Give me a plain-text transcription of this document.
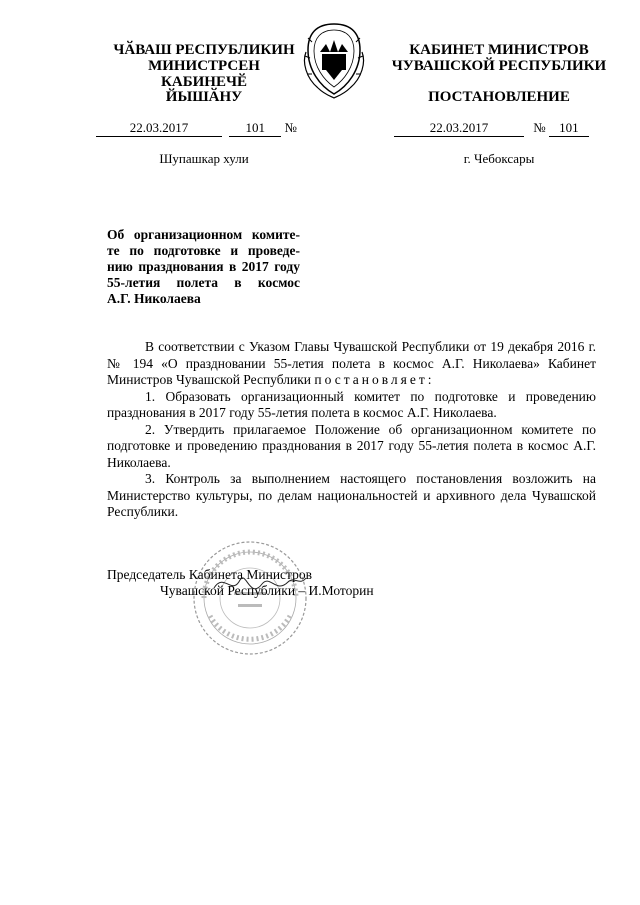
ЧӐВАШ РЕСПУБЛИКИН
МИНИСТРСЕН КАБИНЕЧӖ
ЙЫШӐНУ
КАБИНЕТ МИНИСТРОВ
ЧУВАШСКОЙ РЕСПУБЛИКИ
ПОСТАНОВЛЕНИЕ
22.03.2017	101 №	22.03.2017	№ 101
Шупашкар хули	г. Чебоксары
Об организационном комите-
те по подготовке и проведе-
нию празднования в 2017 году
55-летия полета в космос
А.Г. Николаева

В соответствии с Указом Главы Чувашской Республики от 19 декабря 2016 г. № 194 «О праздновании 55-летия полета в космос А.Г. Николаева» Кабинет Министров Чувашской Республики постановляет:

1. Образовать организационный комитет по подготовке и проведению празднования в 2017 году 55-летия полета в космос А.Г. Николаева.

2. Утвердить прилагаемое Положение об организационном комитете по подготовке и проведению празднования в 2017 году 55-летия полета в космос А.Г. Николаева.

3. Контроль за выполнением настоящего постановления возложить на Министерство культуры, по делам национальностей и архивного дела Чувашской Республики.

Председатель Кабинета Министров
Чувашской Республики – И.Моторин
